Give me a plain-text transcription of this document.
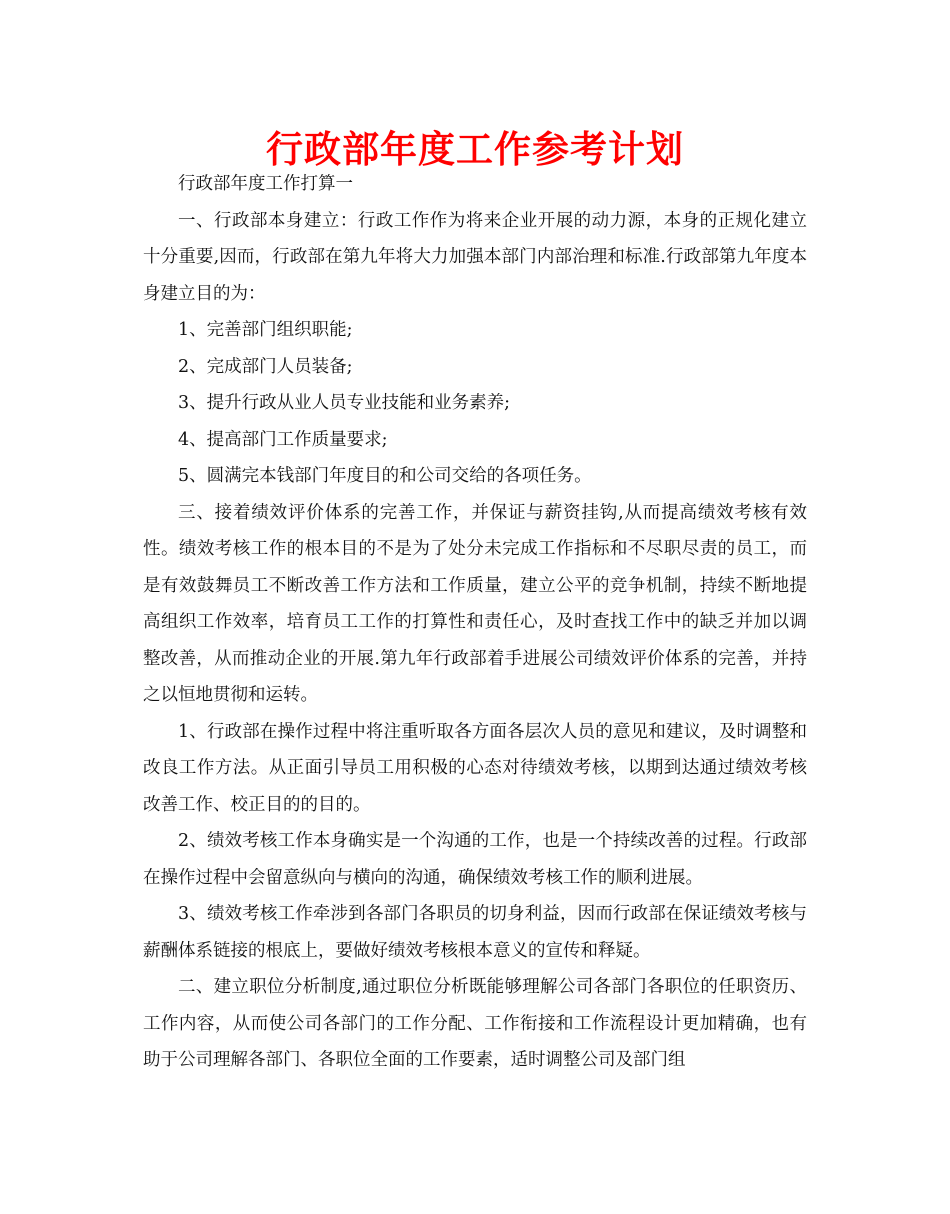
行政部年度工作参考计划

行政部年度工作打算一

一、行政部本身建立：行政工作作为将来企业开展的动力源，本身的正规化建立十分重要,因而，行政部在第九年将大力加强本部门内部治理和标准.行政部第九年度本身建立目的为：

1、完善部门组织职能;

2、完成部门人员装备;

3、提升行政从业人员专业技能和业务素养;

4、提高部门工作质量要求;

5、圆满完本钱部门年度目的和公司交给的各项任务。

三、接着绩效评价体系的完善工作，并保证与薪资挂钩,从而提高绩效考核有效性。绩效考核工作的根本目的不是为了处分未完成工作指标和不尽职尽责的员工，而是有效鼓舞员工不断改善工作方法和工作质量，建立公平的竞争机制，持续不断地提高组织工作效率，培育员工工作的打算性和责任心，及时查找工作中的缺乏并加以调整改善，从而推动企业的开展.第九年行政部着手进展公司绩效评价体系的完善，并持之以恒地贯彻和运转。

1、行政部在操作过程中将注重听取各方面各层次人员的意见和建议，及时调整和改良工作方法。从正面引导员工用积极的心态对待绩效考核，以期到达通过绩效考核改善工作、校正目的的目的。

2、绩效考核工作本身确实是一个沟通的工作，也是一个持续改善的过程。行政部在操作过程中会留意纵向与横向的沟通，确保绩效考核工作的顺利进展。

3、绩效考核工作牵涉到各部门各职员的切身利益，因而行政部在保证绩效考核与薪酬体系链接的根底上，要做好绩效考核根本意义的宣传和释疑。

二、建立职位分析制度,通过职位分析既能够理解公司各部门各职位的任职资历、工作内容，从而使公司各部门的工作分配、工作衔接和工作流程设计更加精确，也有助于公司理解各部门、各职位全面的工作要素，适时调整公司及部门组
